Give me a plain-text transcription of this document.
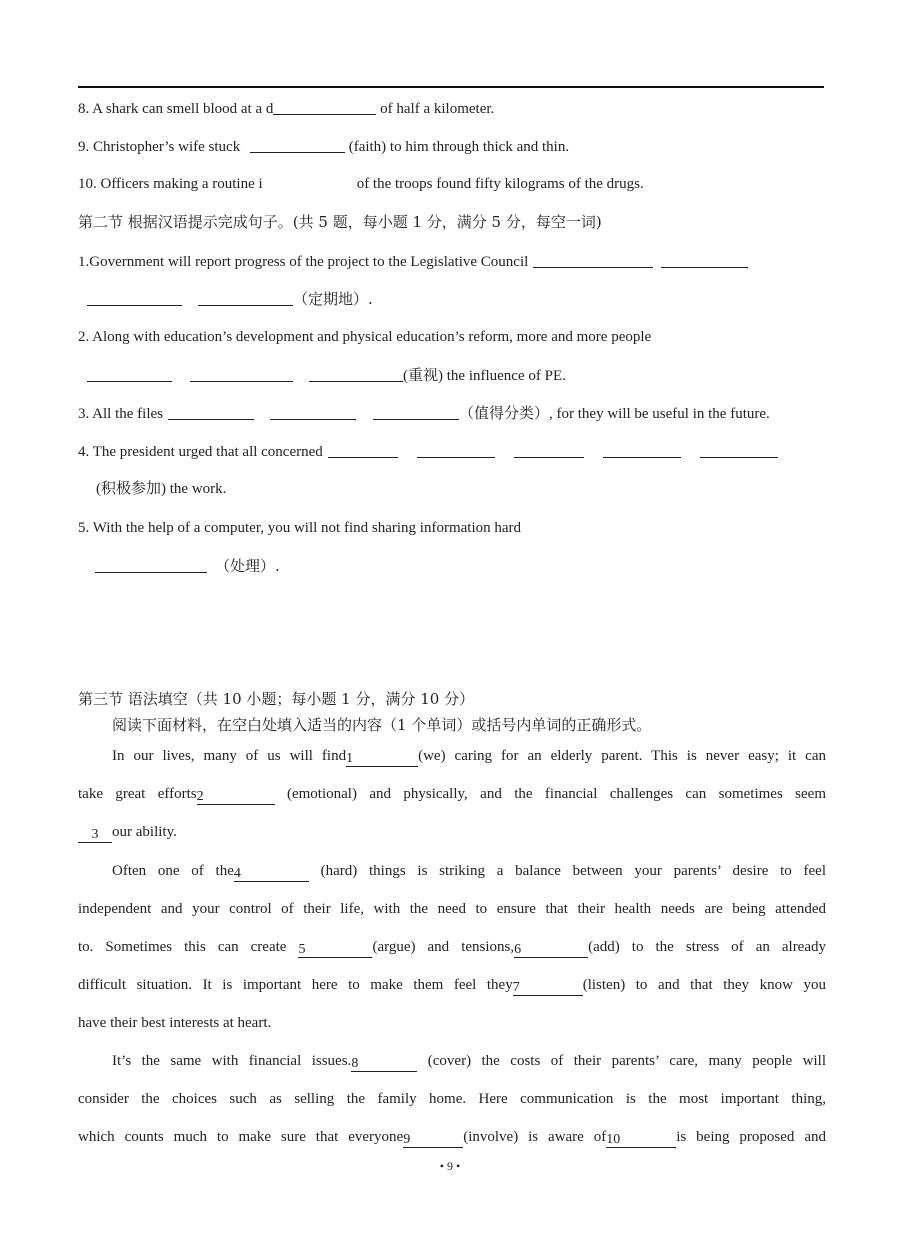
8. A shark can smell blood at a d	of half a kilometer.
9. Christopher’s wife stuck	(faith) to him through thick and thin.
10. Officers making a routine i	of the troops found fifty kilograms of the drugs.
第二节 根据汉语提示完成句子。(共 5 题，每小题 1 分，满分 5 分，每空一词)
1.Government will report progress of the project to the Legislative Council
（定期地）.
2. Along with education’s development and physical education’s reform, more and more people
(重视) the influence of PE.
3. All the files	（值得分类）, for they will be useful in the future.
4. The president urged that all concerned
(积极参加) the work.
5. With the help of a computer, you will not find sharing information hard
（处理）.
第三节 语法填空（共 10 小题；每小题 1 分，满分 10 分）
阅读下面材料，在空白处填入适当的内容（1 个单词）或括号内单词的正确形式。
In our lives, many of us will find1	(we) caring for an elderly parent. This is never easy; it can
take great efforts2	(emotional) and physically, and the financial challenges can sometimes seem
3 our ability.
Often one of the4	(hard) things is striking a balance between your parents’ desire to feel
independent and your control of their life, with the need to ensure that their health needs are being attended
to. Sometimes this can create 5	(argue) and tensions,6	(add) to the stress of an already
difficult situation. It is important here to make them feel they7	(listen) to and that they know you
have their best interests at heart.
It’s the same with financial issues.8	(cover) the costs of their parents’ care, many people will
consider the choices such as selling the family home. Here communication is the most important thing,
which counts much to make sure that everyone9	(involve) is aware of10	is being proposed and
• 9 •
